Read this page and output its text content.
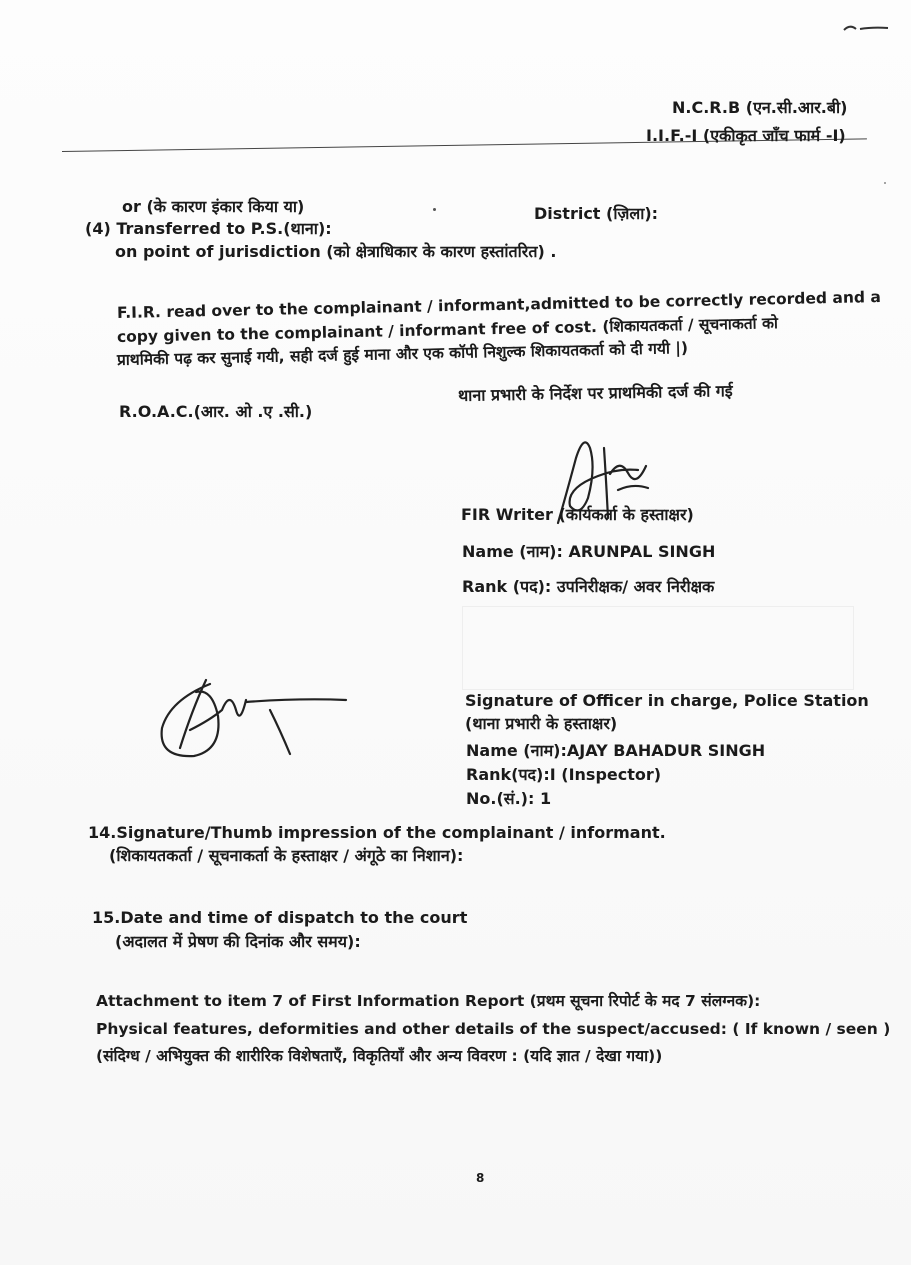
N.C.R.B (एन.सी.आर.बी)
I.I.F.-I (एकीकृत जाँच फार्म -I)
or (के कारण इंकार किया या)
(4) Transferred to P.S.(थाना):
District (ज़िला):
on point of jurisdiction (को क्षेत्राधिकार के कारण हस्तांतरित) .
F.I.R. read over to the complainant / informant,admitted to be correctly recorded and a
copy given to the complainant / informant free of cost. (शिकायतकर्ता / सूचनाकर्ता को
प्राथमिकी पढ़ कर सुनाई गयी, सही दर्ज हुई माना और एक कॉपी निशुल्क शिकायतकर्ता को दी गयी |)
R.O.A.C.(आर. ओ .ए .सी.)
थाना प्रभारी के निर्देश पर प्राथमिकी दर्ज की गई
FIR Writer (कार्यकर्ता के हस्ताक्षर)
Name (नाम): ARUNPAL SINGH
Rank (पद): उपनिरीक्षक/ अवर निरीक्षक
Signature of Officer in charge, Police Station
(थाना प्रभारी के हस्ताक्षर)
Name (नाम):AJAY BAHADUR SINGH
Rank(पद):I (Inspector)
No.(सं.): 1
14.Signature/Thumb impression of the complainant / informant.
(शिकायतकर्ता / सूचनाकर्ता के हस्ताक्षर / अंगूठे का निशान):
15.Date and time of dispatch to the court
(अदालत में प्रेषण की दिनांक और समय):
Attachment to item 7 of First Information Report (प्रथम सूचना रिपोर्ट के मद 7 संलग्नक):
Physical features, deformities and other details of the suspect/accused: ( If known / seen )
(संदिग्ध / अभियुक्त की शारीरिक विशेषताएँ, विकृतियाँ और अन्य विवरण : (यदि ज्ञात / देखा गया))
8
